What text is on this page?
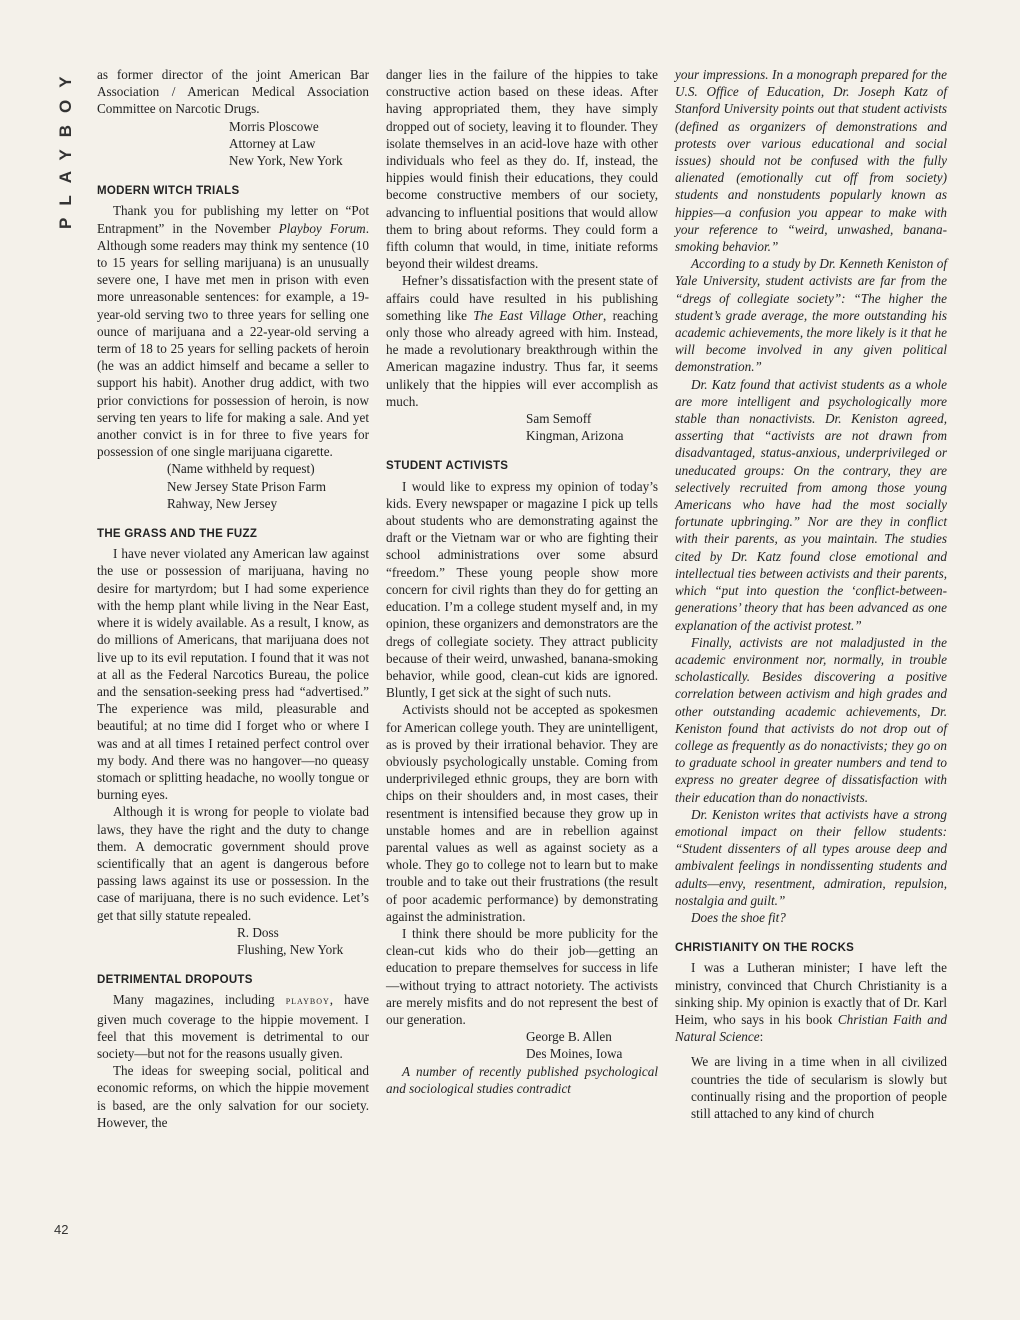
PLAYBOY
42

as former director of the joint American Bar Association / American Medical Association Committee on Narcotic Drugs.

Morris Ploscowe
Attorney at Law
New York, New York
MODERN WITCH TRIALS

Thank you for publishing my letter on “Pot Entrapment” in the November Playboy Forum. Although some readers may think my sentence (10 to 15 years for selling marijuana) is an unusually severe one, I have met men in prison with even more unreasonable sentences: for example, a 19-year-old serving two to three years for selling one ounce of marijuana and a 22-year-old serving a term of 18 to 25 years for selling packets of heroin (he was an addict himself and became a seller to support his habit). Another drug addict, with two prior convictions for possession of heroin, is now serving ten years to life for making a sale. And yet another convict is in for three to five years for possession of one single marijuana cigarette.

(Name withheld by request)
New Jersey State Prison Farm
Rahway, New Jersey
THE GRASS AND THE FUZZ

I have never violated any American law against the use or possession of marijuana, having no desire for martyrdom; but I had some experience with the hemp plant while living in the Near East, where it is widely available. As a result, I know, as do millions of Americans, that marijuana does not live up to its evil reputation. I found that it was not at all as the Federal Narcotics Bureau, the police and the sensation-seeking press had “advertised.” The experience was mild, pleasurable and beautiful; at no time did I forget who or where I was and at all times I retained perfect control over my body. And there was no hangover—no queasy stomach or splitting headache, no woolly tongue or burning eyes.

Although it is wrong for people to violate bad laws, they have the right and the duty to change them. A democratic government should prove scientifically that an agent is dangerous before passing laws against its use or possession. In the case of marijuana, there is no such evidence. Let’s get that silly statute repealed.

R. Doss
Flushing, New York
DETRIMENTAL DROPOUTS

Many magazines, including playboy, have given much coverage to the hippie movement. I feel that this movement is detrimental to our society—but not for the reasons usually given.

The ideas for sweeping social, political and economic reforms, on which the hippie movement is based, are the only salvation for our society. However, the

danger lies in the failure of the hippies to take constructive action based on these ideas. After having appropriated them, they have simply dropped out of society, leaving it to flounder. They isolate themselves in an acid-love haze with other individuals who feel as they do. If, instead, the hippies would finish their educations, they could become constructive members of our society, advancing to influential positions that would allow them to bring about reforms. They could form a fifth column that would, in time, initiate reforms beyond their wildest dreams.

Hefner’s dissatisfaction with the present state of affairs could have resulted in his publishing something like The East Village Other, reaching only those who already agreed with him. Instead, he made a revolutionary breakthrough within the American magazine industry. Thus far, it seems unlikely that the hippies will ever accomplish as much.

Sam Semoff
Kingman, Arizona
STUDENT ACTIVISTS

I would like to express my opinion of today’s kids. Every newspaper or magazine I pick up tells about students who are demonstrating against the draft or the Vietnam war or who are fighting their school administrations over some absurd “freedom.” These young people show more concern for civil rights than they do for getting an education. I’m a college student myself and, in my opinion, these organizers and demonstrators are the dregs of collegiate society. They attract publicity because of their weird, unwashed, banana-smoking behavior, while good, clean-cut kids are ignored. Bluntly, I get sick at the sight of such nuts.

Activists should not be accepted as spokesmen for American college youth. They are unintelligent, as is proved by their irrational behavior. They are obviously psychologically unstable. Coming from underprivileged ethnic groups, they are born with chips on their shoulders and, in most cases, their resentment is intensified because they grow up in unstable homes and are in rebellion against parental values as well as against society as a whole. They go to college not to learn but to make trouble and to take out their frustrations (the result of poor academic performance) by demonstrating against the administration.

I think there should be more publicity for the clean-cut kids who do their job—getting an education to prepare themselves for success in life—without trying to attract notoriety. The activists are merely misfits and do not represent the best of our generation.

George B. Allen
Des Moines, Iowa

A number of recently published psychological and sociological studies contradict

your impressions. In a monograph prepared for the U.S. Office of Education, Dr. Joseph Katz of Stanford University points out that student activists (defined as organizers of demonstrations and protests over various educational and social issues) should not be confused with the fully alienated (emotionally cut off from society) students and nonstudents popularly known as hippies—a confusion you appear to make with your reference to “weird, unwashed, banana-smoking behavior.”

According to a study by Dr. Kenneth Keniston of Yale University, student activists are far from the “dregs of collegiate society”: “The higher the student’s grade average, the more outstanding his academic achievements, the more likely is it that he will become involved in any given political demonstration.”

Dr. Katz found that activist students as a whole are more intelligent and psychologically more stable than nonactivists. Dr. Keniston agreed, asserting that “activists are not drawn from disadvantaged, status-anxious, underprivileged or uneducated groups: On the contrary, they are selectively recruited from among those young Americans who have had the most socially fortunate upbringing.” Nor are they in conflict with their parents, as you maintain. The studies cited by Dr. Katz found close emotional and intellectual ties between activists and their parents, which “put into question the ‘conflict-between-generations’ theory that has been advanced as one explanation of the activist protest.”

Finally, activists are not maladjusted in the academic environment nor, normally, in trouble scholastically. Besides discovering a positive correlation between activism and high grades and other outstanding academic achievements, Dr. Keniston found that activists do not drop out of college as frequently as do nonactivists; they go on to graduate school in greater numbers and tend to express no greater degree of dissatisfaction with their education than do nonactivists.

Dr. Keniston writes that activists have a strong emotional impact on their fellow students: “Student dissenters of all types arouse deep and ambivalent feelings in nondissenting students and adults—envy, resentment, admiration, repulsion, nostalgia and guilt.”

Does the shoe fit?

CHRISTIANITY ON THE ROCKS

I was a Lutheran minister; I have left the ministry, convinced that Church Christianity is a sinking ship. My opinion is exactly that of Dr. Karl Heim, who says in his book Christian Faith and Natural Science:

We are living in a time when in all civilized countries the tide of secularism is slowly but continually rising and the proportion of people still attached to any kind of church
